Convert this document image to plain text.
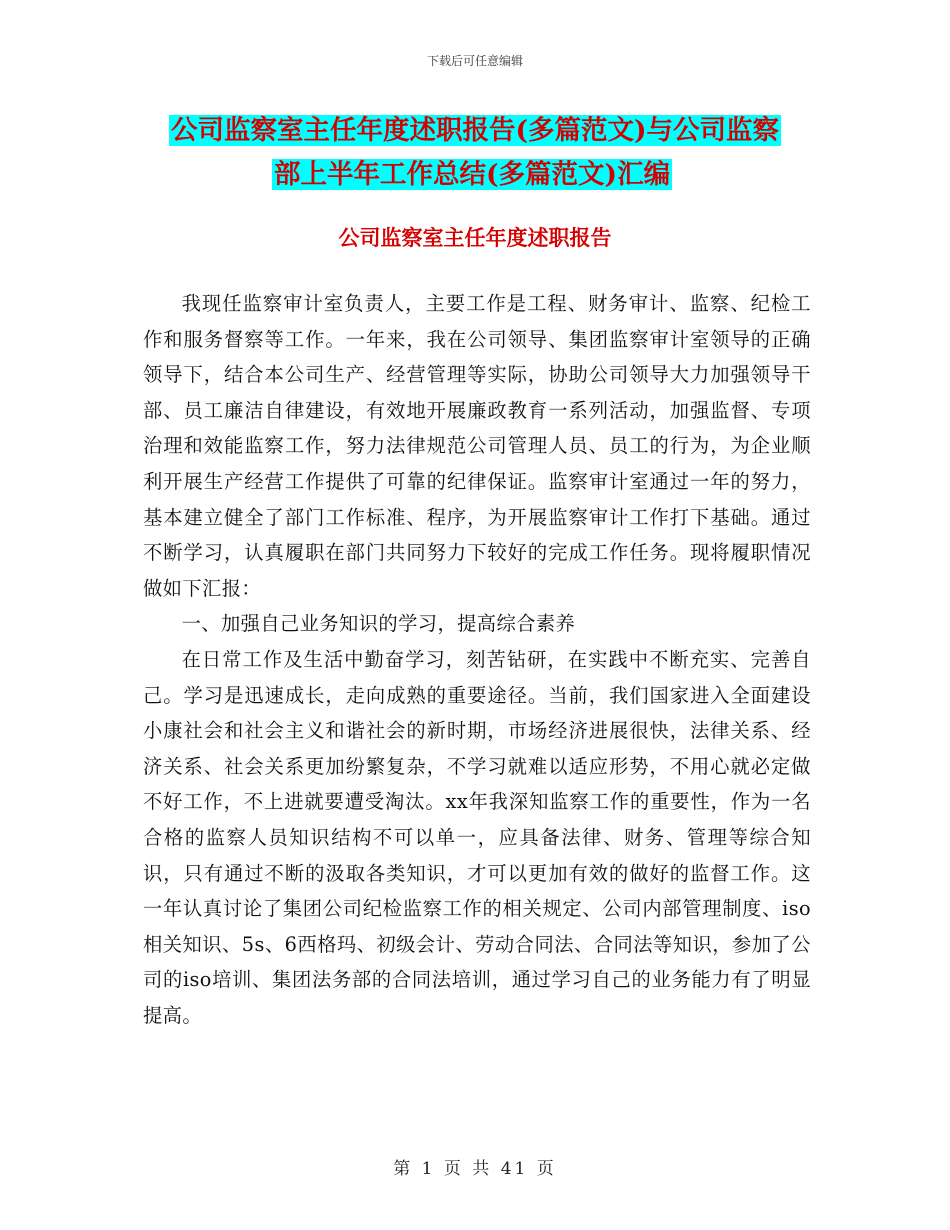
下载后可任意编辑
公司监察室主任年度述职报告(多篇范文)与公司监察
部上半年工作总结(多篇范文)汇编
公司监察室主任年度述职报告

我现任监察审计室负责人，主要工作是工程、财务审计、监察、纪检工作和服务督察等工作。一年来，我在公司领导、集团监察审计室领导的正确领导下，结合本公司生产、经营管理等实际，协助公司领导大力加强领导干部、员工廉洁自律建设，有效地开展廉政教育一系列活动，加强监督、专项治理和效能监察工作，努力法律规范公司管理人员、员工的行为，为企业顺利开展生产经营工作提供了可靠的纪律保证。监察审计室通过一年的努力，基本建立健全了部门工作标准、程序，为开展监察审计工作打下基础。通过不断学习，认真履职在部门共同努力下较好的完成工作任务。现将履职情况做如下汇报：

一、加强自己业务知识的学习，提高综合素养

在日常工作及生活中勤奋学习，刻苦钻研，在实践中不断充实、完善自己。学习是迅速成长，走向成熟的重要途径。当前，我们国家进入全面建设小康社会和社会主义和谐社会的新时期，市场经济进展很快，法律关系、经济关系、社会关系更加纷繁复杂，不学习就难以适应形势，不用心就必定做不好工作，不上进就要遭受淘汰。xx年我深知监察工作的重要性，作为一名合格的监察人员知识结构不可以单一，应具备法律、财务、管理等综合知识，只有通过不断的汲取各类知识，才可以更加有效的做好的监督工作。这一年认真讨论了集团公司纪检监察工作的相关规定、公司内部管理制度、iso相关知识、5s、6西格玛、初级会计、劳动合同法、合同法等知识，参加了公司的iso培训、集团法务部的合同法培训，通过学习自己的业务能力有了明显提高。

第 1 页 共 41 页
